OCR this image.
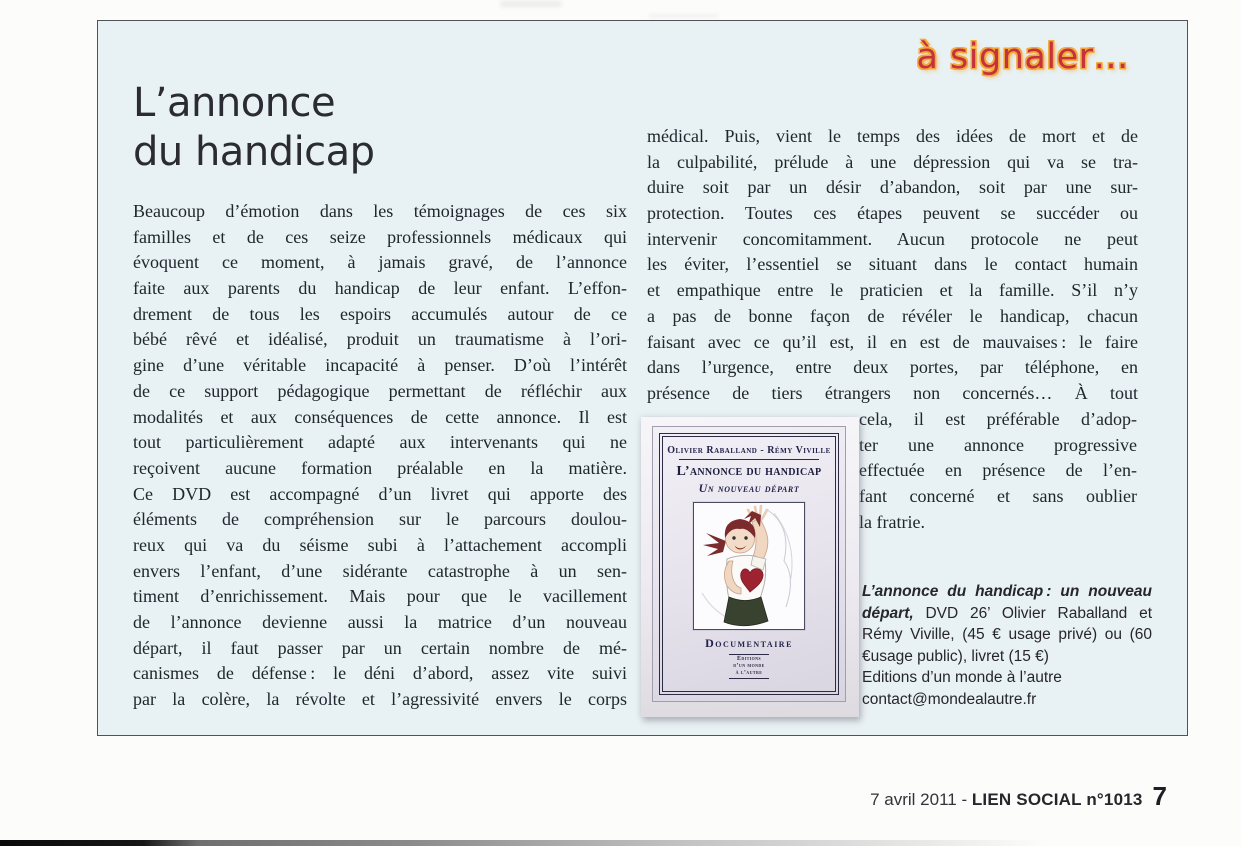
à signaler…
L’annonce
du handicap
Beaucoup d’émotion dans les témoignages de ces six
familles et de ces seize professionnels médicaux qui
évoquent ce moment, à jamais gravé, de l’annonce
faite aux parents du handicap de leur enfant. L’effon-
drement de tous les espoirs accumulés autour de ce
bébé rêvé et idéalisé, produit un traumatisme à l’ori-
gine d’une véritable incapacité à penser. D’où l’intérêt
de ce support pédagogique permettant de réfléchir aux
modalités et aux conséquences de cette annonce. Il est
tout particulièrement adapté aux intervenants qui ne
reçoivent aucune formation préalable en la matière.
Ce DVD est accompagné d’un livret qui apporte des
éléments de compréhension sur le parcours doulou-
reux qui va du séisme subi à l’attachement accompli
envers l’enfant, d’une sidérante catastrophe à un sen-
timent d’enrichissement. Mais pour que le vacillement
de l’annonce devienne aussi la matrice d’un nouveau
départ, il faut passer par un certain nombre de mé-
canismes de défense : le déni d’abord, assez vite suivi
par la colère, la révolte et l’agressivité envers le corps
médical. Puis, vient le temps des idées de mort et de
la culpabilité, prélude à une dépression qui va se tra-
duire soit par un désir d’abandon, soit par une sur-
protection. Toutes ces étapes peuvent se succéder ou
intervenir concomitamment. Aucun protocole ne peut
les éviter, l’essentiel se situant dans le contact humain
et empathique entre le praticien et la famille. S’il n’y
a pas de bonne façon de révéler le handicap, chacun
faisant avec ce qu’il est, il en est de mauvaises : le faire
dans l’urgence, entre deux portes, par téléphone, en
présence de tiers étrangers non concernés… À tout
cela, il est préférable d’adop-
ter une annonce progressive
effectuée en présence de l’en-
fant concerné et sans oublier
la fratrie.
Olivier Raballand - Rémy Viville
L’annonce du handicap
Un nouveau départ
Documentaire
Éditions
d’un monde
à l’autre

L’annonce du handicap : un nouveau départ, DVD 26’ Olivier Raballand et Rémy Viville, (45 € usage privé) ou (60 €usage public), livret (15 €)

Editions d’un monde à l’autre
contact@mondealautre.fr
7 avril 2011 - LIEN SOCIAL n°1013 7
